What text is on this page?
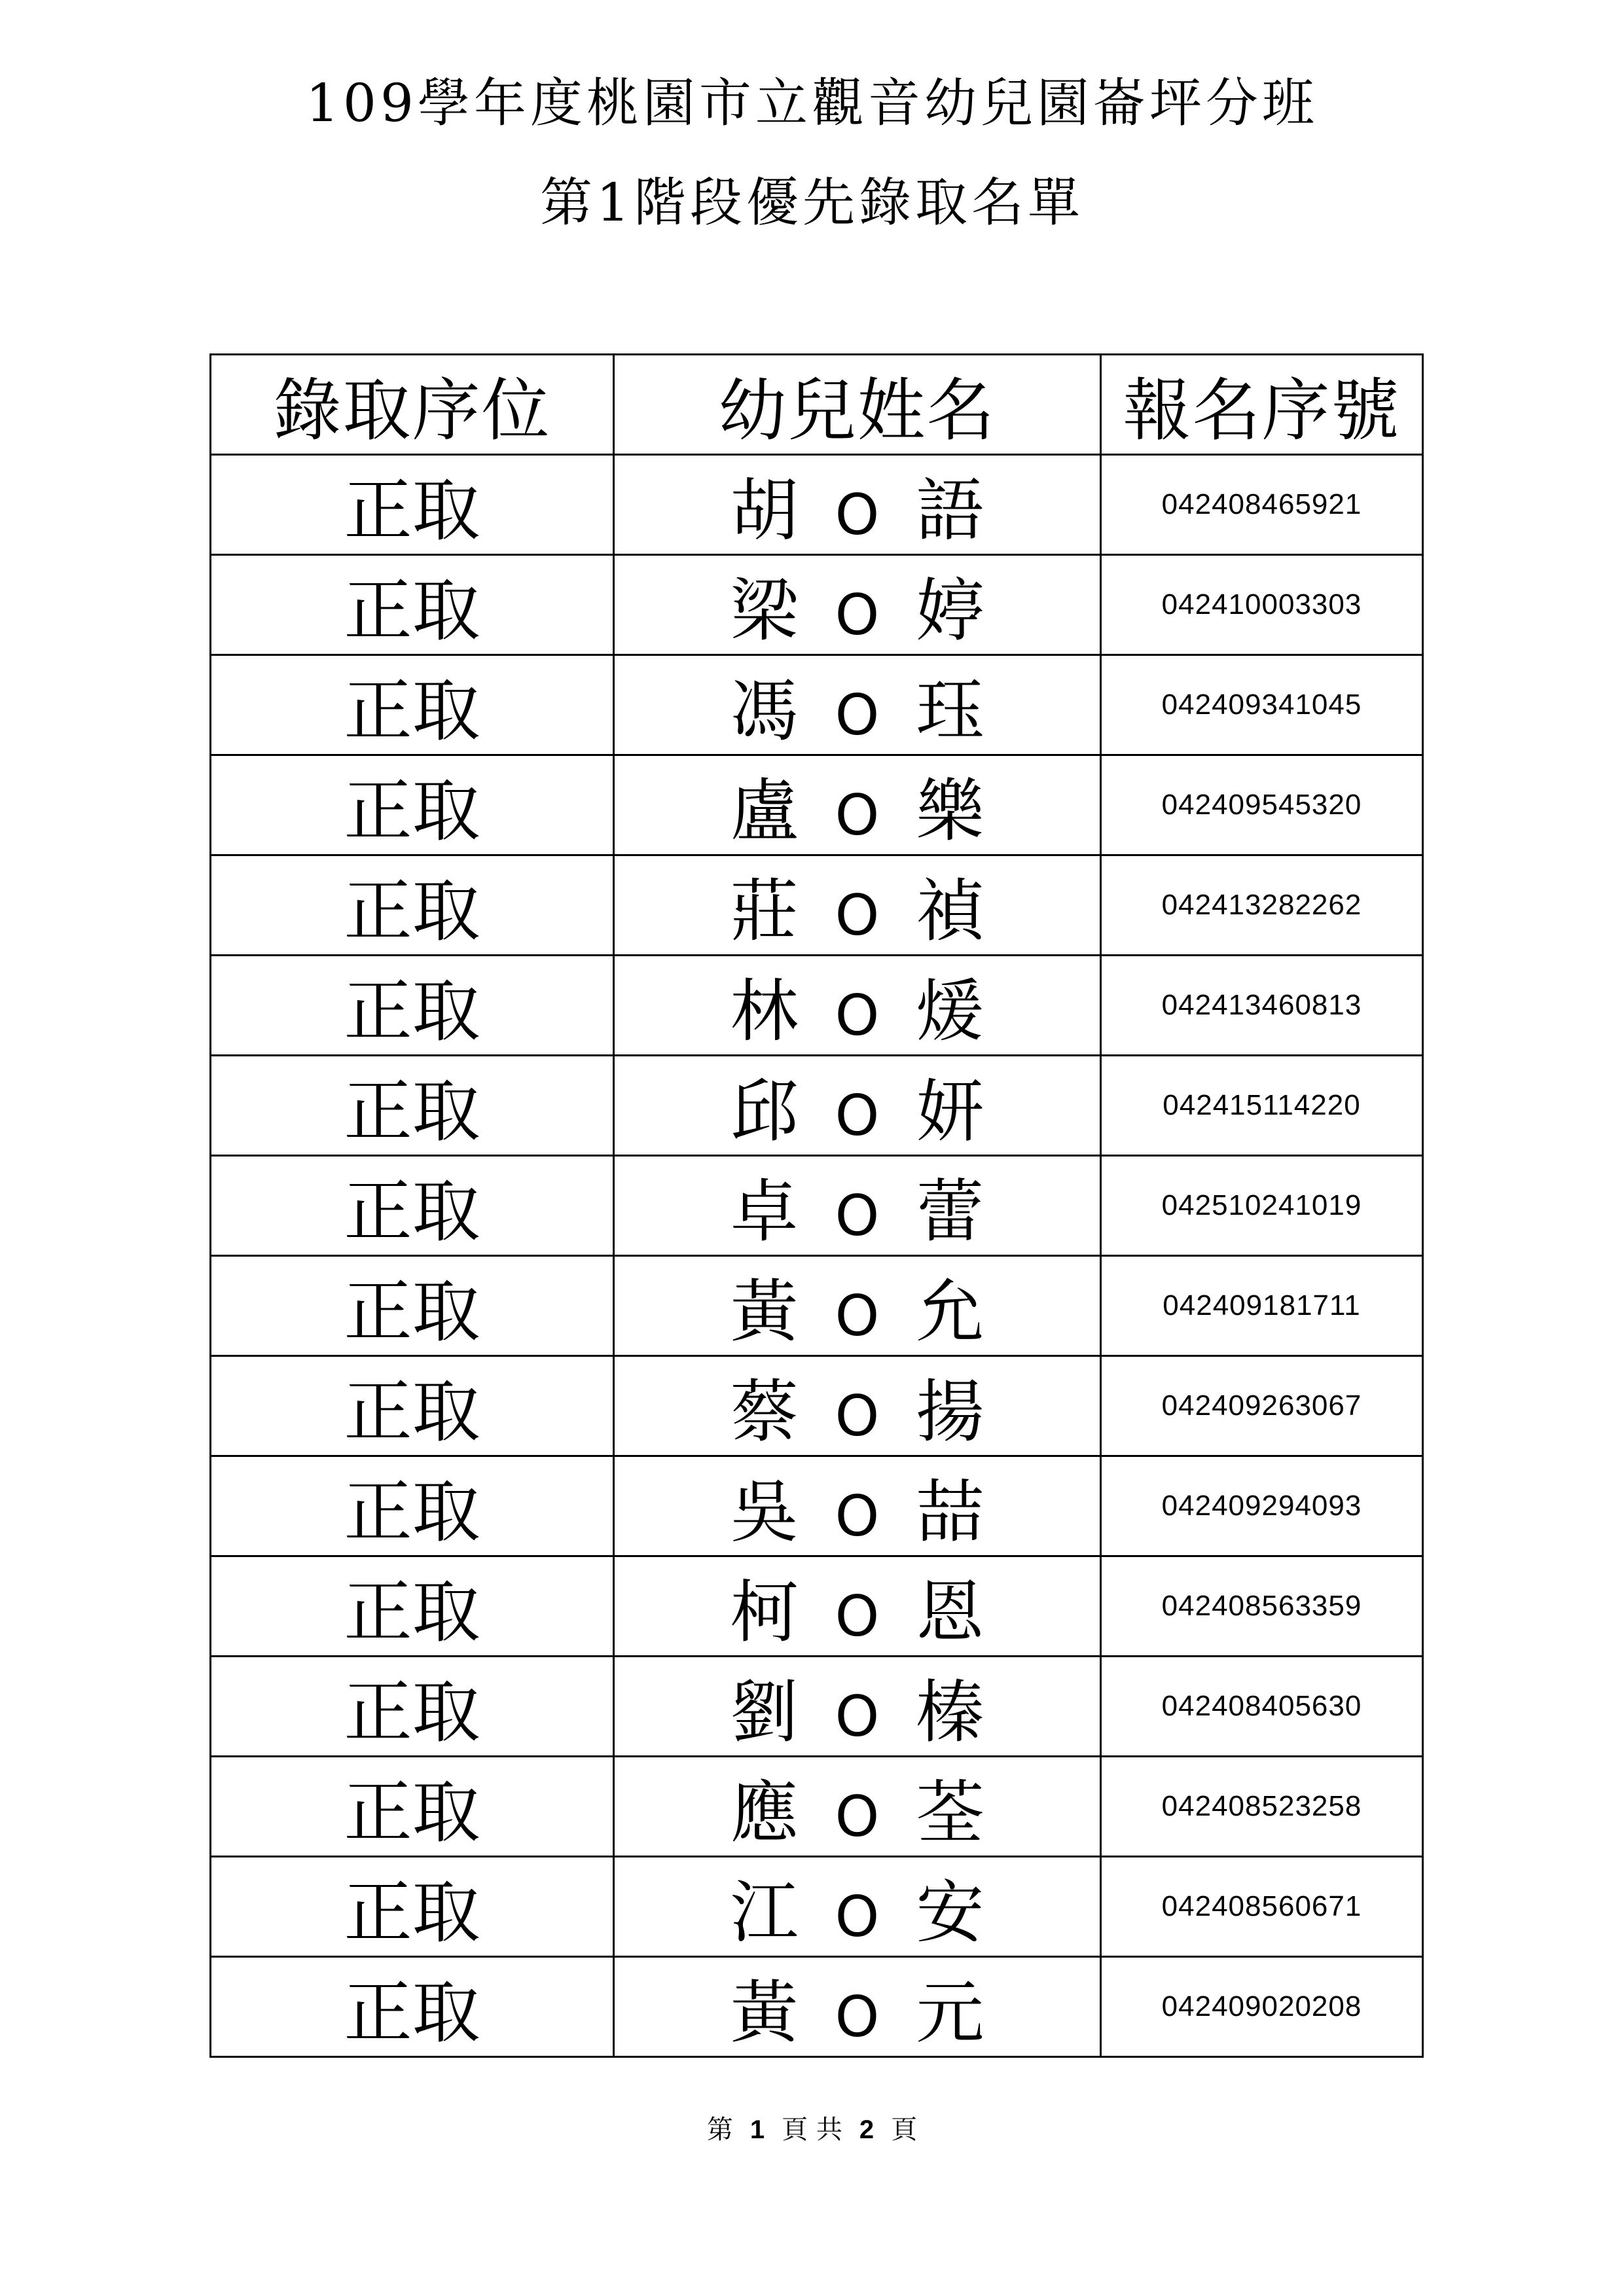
109學年度桃園市立觀音幼兒園崙坪分班
第1階段優先錄取名單
錄取序位	幼兒姓名	報名序號
正取	胡 O 語	042408465921
正取	梁 O 婷	042410003303
正取	馮 O 珏	042409341045
正取	盧 O 樂	042409545320
正取	莊 O 禎	042413282262
正取	林 O 煖	042413460813
正取	邱 O 妍	042415114220
正取	卓 O 蕾	042510241019
正取	黃 O 允	042409181711
正取	蔡 O 揚	042409263067
正取	吳 O 喆	042409294093
正取	柯 O 恩	042408563359
正取	劉 O 榛	042408405630
正取	應 O 荃	042408523258
正取	江 O 安	042408560671
正取	黃 O 元	042409020208
第 1 頁 共 2 頁
